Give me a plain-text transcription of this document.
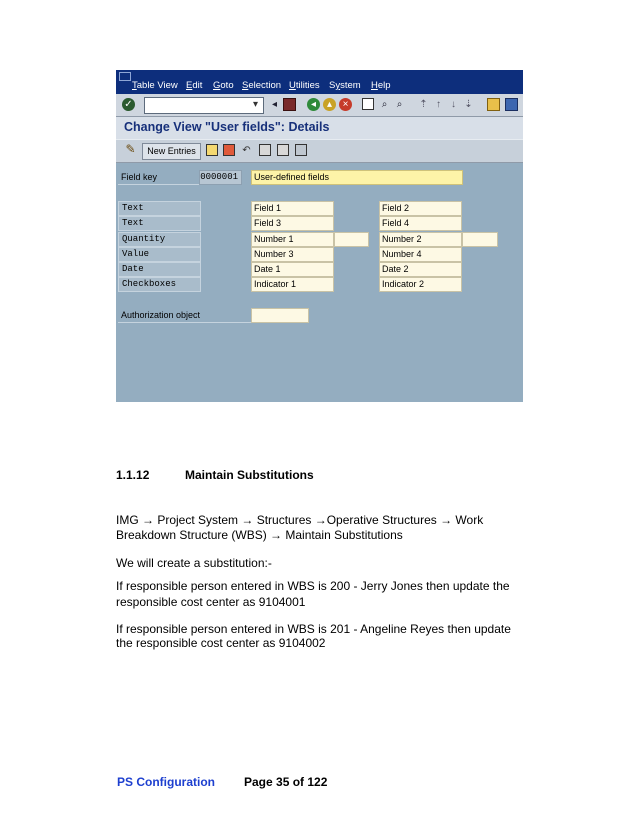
Table View Edit Goto Selection Utilities System Help
✓	▾	◂	◂	▴	×	⌕ ⌕	⇡ ↑	↓ ⇣
Change View "User fields": Details
✎	New Entries	↶
Field key	0000001	User-defined fields
Text	Field 1	Field 2
Text	Field 3	Field 4
Quantity	Number 1	Number 2
Value	Number 3	Number 4
Date	Date 1	Date 2
Checkboxes	Indicator 1	Indicator 2
Authorization object
1.1.12	Maintain Substitutions
IMG → Project System → Structures →Operative Structures → Work
Breakdown Structure (WBS) → Maintain Substitutions
We will create a substitution:-
If responsible person entered in WBS is 200 - Jerry Jones then update the
responsible cost center as 9104001
If responsible person entered in WBS is 201 - Angeline Reyes then update
the responsible cost center as 9104002
PS Configuration Page 35 of 122
